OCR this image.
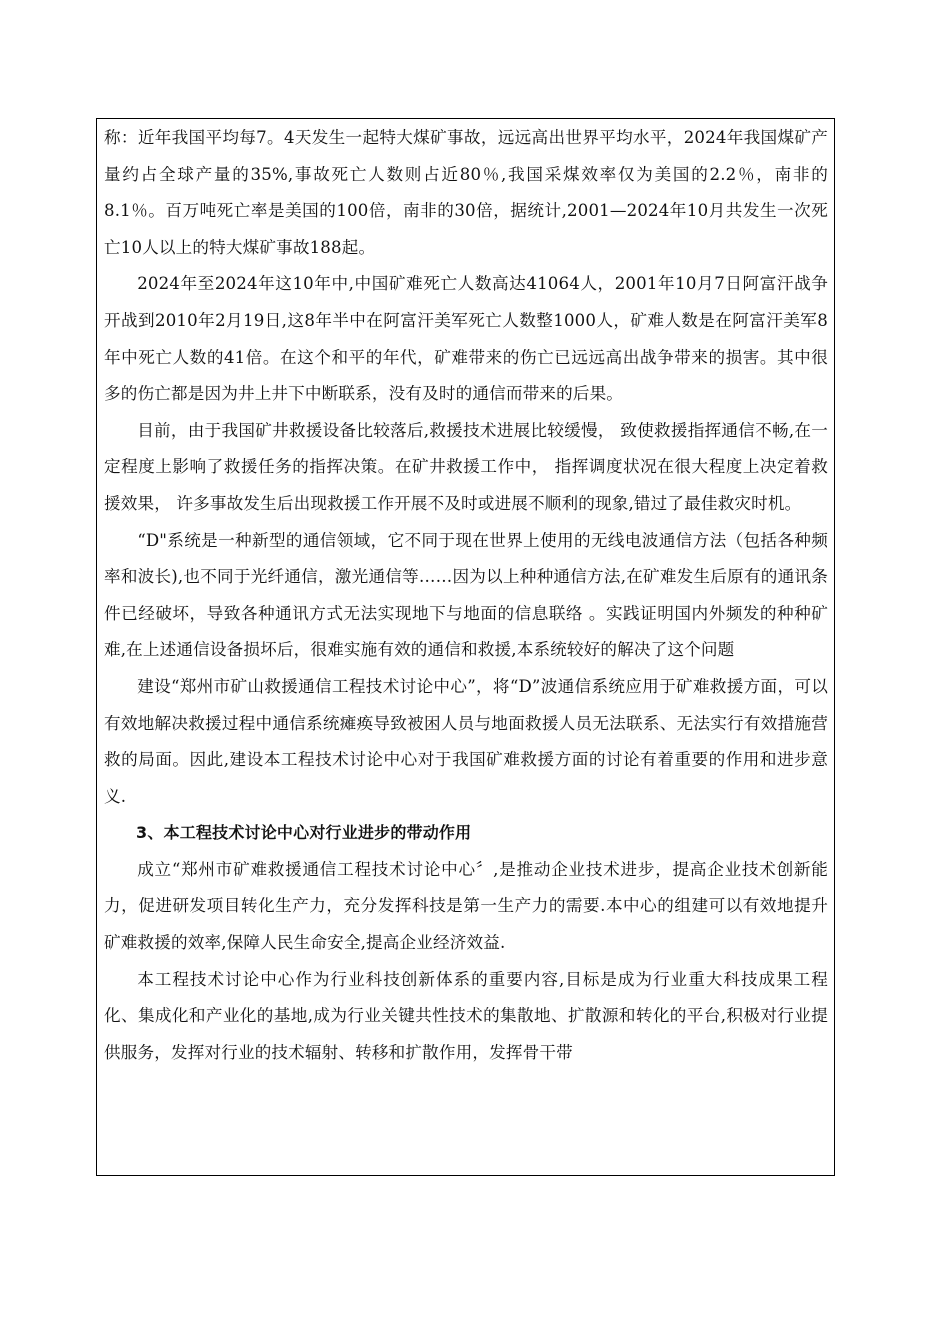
称：近年我国平均每7。4天发生一起特大煤矿事故，远远高出世界平均水平，2024年我国煤矿产量约占全球产量的35%,事故死亡人数则占近80％,我国采煤效率仅为美国的2.2％，南非的8.1％。百万吨死亡率是美国的100倍，南非的30倍，据统计,2001—2024年10月共发生一次死亡10人以上的特大煤矿事故188起。

2024年至2024年这10年中,中国矿难死亡人数高达41064人，2001年10月7日阿富汗战争开战到2010年2月19日,这8年半中在阿富汗美军死亡人数整1000人，矿难人数是在阿富汗美军8年中死亡人数的41倍。在这个和平的年代，矿难带来的伤亡已远远高出战争带来的损害。其中很多的伤亡都是因为井上井下中断联系，没有及时的通信而带来的后果。

目前，由于我国矿井救援设备比较落后,救援技术进展比较缓慢， 致使救援指挥通信不畅,在一定程度上影响了救援任务的指挥决策。在矿井救援工作中， 指挥调度状况在很大程度上决定着救援效果， 许多事故发生后出现救援工作开展不及时或进展不顺利的现象,错过了最佳救灾时机。

“D"系统是一种新型的通信领域，它不同于现在世界上使用的无线电波通信方法（包括各种频率和波长),也不同于光纤通信，激光通信等……因为以上种种通信方法,在矿难发生后原有的通讯条件已经破坏，导致各种通讯方式无法实现地下与地面的信息联络 。实践证明国内外频发的种种矿难,在上述通信设备损坏后，很难实施有效的通信和救援,本系统较好的解决了这个问题

建设“郑州市矿山救援通信工程技术讨论中心”，将“D”波通信系统应用于矿难救援方面，可以有效地解决救援过程中通信系统瘫痪导致被困人员与地面救援人员无法联系、无法实行有效措施营救的局面。因此,建设本工程技术讨论中心对于我国矿难救援方面的讨论有着重要的作用和进步意义.

3、本工程技术讨论中心对行业进步的带动作用

成立“郑州市矿难救援通信工程技术讨论中心〞,是推动企业技术进步，提高企业技术创新能力，促进研发项目转化生产力，充分发挥科技是第一生产力的需要.本中心的组建可以有效地提升矿难救援的效率,保障人民生命安全,提高企业经济效益.

本工程技术讨论中心作为行业科技创新体系的重要内容,目标是成为行业重大科技成果工程化、集成化和产业化的基地,成为行业关键共性技术的集散地、扩散源和转化的平台,积极对行业提供服务，发挥对行业的技术辐射、转移和扩散作用，发挥骨干带
